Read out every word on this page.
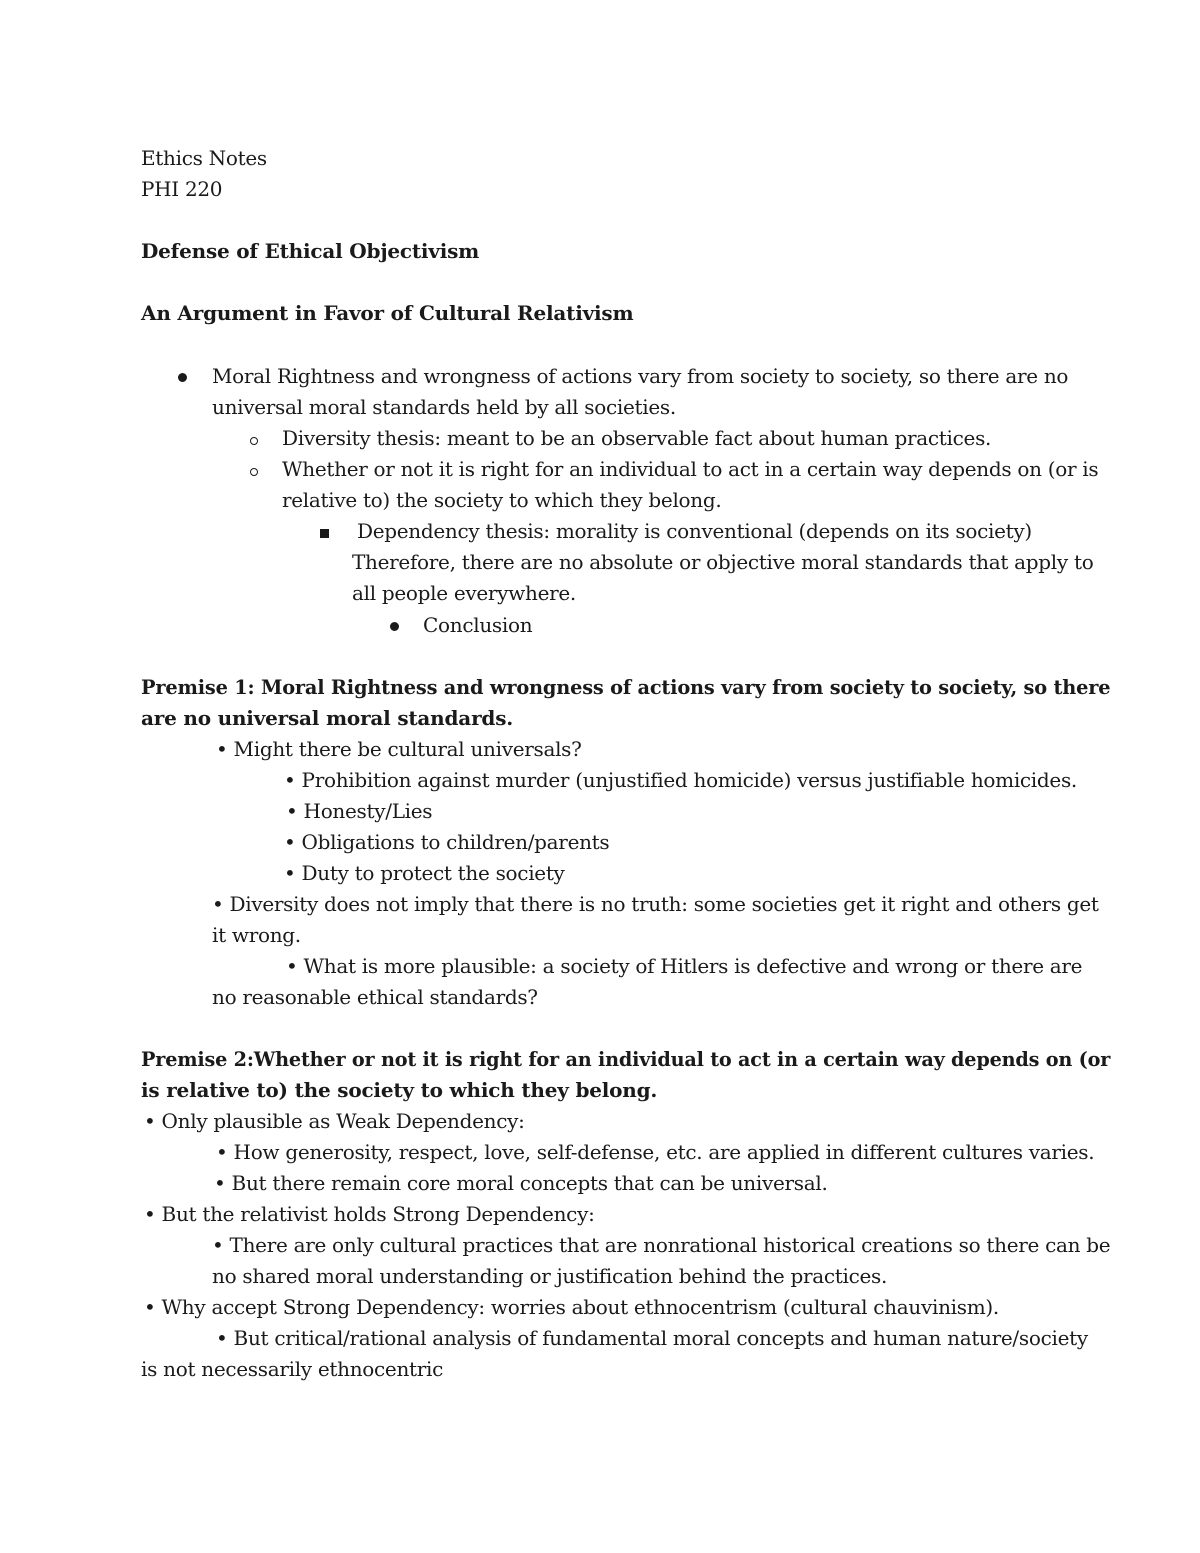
Ethics Notes
PHI 220
Defense of Ethical Objectivism
An Argument in Favor of Cultural Relativism
Moral Rightness and wrongness of actions vary from society to society, so there are no
universal moral standards held by all societies.
Diversity thesis: meant to be an observable fact about human practices.
Whether or not it is right for an individual to act in a certain way depends on (or is
relative to) the society to which they belong.
Dependency thesis: morality is conventional (depends on its society)
Therefore, there are no absolute or objective moral standards that apply to
all people everywhere.
Conclusion
Premise 1: Moral Rightness and wrongness of actions vary from society to society, so there
are no universal moral standards.
• Might there be cultural universals?
• Prohibition against murder (unjustified homicide) versus justifiable homicides.
• Honesty/Lies
• Obligations to children/parents
• Duty to protect the society
• Diversity does not imply that there is no truth: some societies get it right and others get
it wrong.
• What is more plausible: a society of Hitlers is defective and wrong or there are
no reasonable ethical standards?
Premise 2:Whether or not it is right for an individual to act in a certain way depends on (or
is relative to) the society to which they belong.
• Only plausible as Weak Dependency:
• How generosity, respect, love, self-defense, etc. are applied in different cultures varies.
• But there remain core moral concepts that can be universal.
• But the relativist holds Strong Dependency:
• There are only cultural practices that are nonrational historical creations so there can be
no shared moral understanding or justification behind the practices.
• Why accept Strong Dependency: worries about ethnocentrism (cultural chauvinism).
• But critical/rational analysis of fundamental moral concepts and human nature/society
is not necessarily ethnocentric
